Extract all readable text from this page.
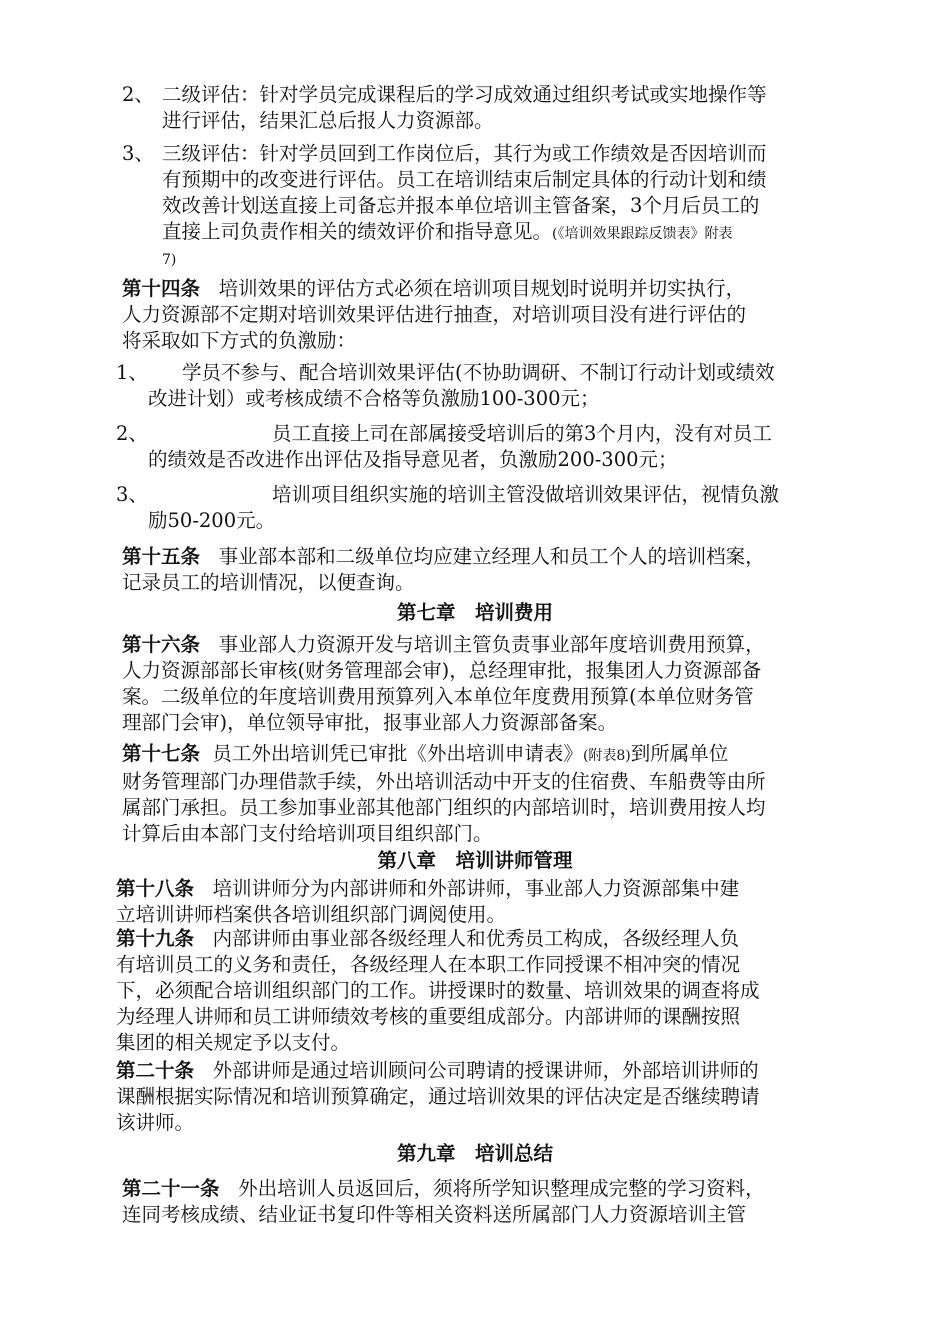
2、 二级评估：针对学员完成课程后的学习成效通过组织考试或实地操作等
进行评估，结果汇总后报人力资源部。
3、 三级评估：针对学员回到工作岗位后，其行为或工作绩效是否因培训而
有预期中的改变进行评估。员工在培训结束后制定具体的行动计划和绩
效改善计划送直接上司备忘并报本单位培训主管备案，3个月后员工的
直接上司负责作相关的绩效评价和指导意见。(《培训效果跟踪反馈表》附表
7)
第十四条 培训效果的评估方式必须在培训项目规划时说明并切实执行，
人力资源部不定期对培训效果评估进行抽查，对培训项目没有进行评估的
将采取如下方式的负激励：
1、 学员不参与、配合培训效果评估(不协助调研、不制订行动计划或绩效
改进计划）或考核成绩不合格等负激励100-300元；
2、	员工直接上司在部属接受培训后的第3个月内，没有对员工
的绩效是否改进作出评估及指导意见者，负激励200-300元；
3、	培训项目组织实施的培训主管没做培训效果评估，视情负激
励50-200元。
第十五条 事业部本部和二级单位均应建立经理人和员工个人的培训档案，
记录员工的培训情况，以便查询。
第七章　培训费用
第十六条 事业部人力资源开发与培训主管负责事业部年度培训费用预算，
人力资源部部长审核(财务管理部会审)，总经理审批，报集团人力资源部备
案。二级单位的年度培训费用预算列入本单位年度费用预算(本单位财务管
理部门会审)，单位领导审批，报事业部人力资源部备案。
第十七条 员工外出培训凭已审批《外出培训申请表》(附表8)到所属单位
财务管理部门办理借款手续，外出培训活动中开支的住宿费、车船费等由所
属部门承担。员工参加事业部其他部门组织的内部培训时，培训费用按人均
计算后由本部门支付给培训项目组织部门。
第八章　培训讲师管理
第十八条 培训讲师分为内部讲师和外部讲师，事业部人力资源部集中建
立培训讲师档案供各培训组织部门调阅使用。
第十九条 内部讲师由事业部各级经理人和优秀员工构成，各级经理人负
有培训员工的义务和责任，各级经理人在本职工作同授课不相冲突的情况
下，必须配合培训组织部门的工作。讲授课时的数量、培训效果的调查将成
为经理人讲师和员工讲师绩效考核的重要组成部分。内部讲师的课酬按照
集团的相关规定予以支付。
第二十条 外部讲师是通过培训顾问公司聘请的授课讲师，外部培训讲师的
课酬根据实际情况和培训预算确定，通过培训效果的评估决定是否继续聘请
该讲师。
第九章　培训总结
第二十一条 外出培训人员返回后，须将所学知识整理成完整的学习资料，
连同考核成绩、结业证书复印件等相关资料送所属部门人力资源培训主管
